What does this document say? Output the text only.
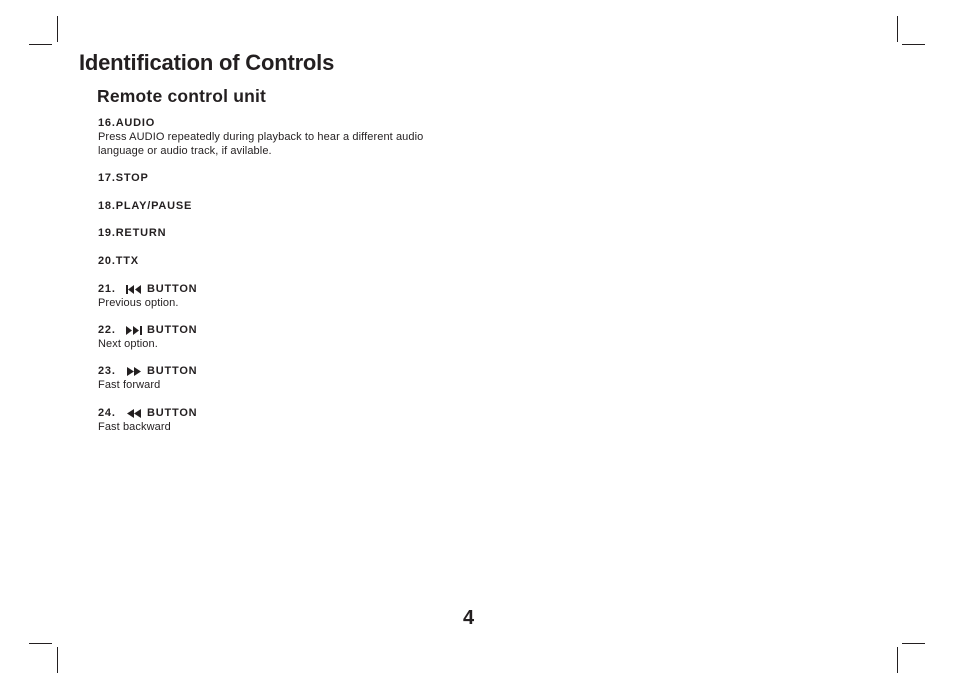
Identification of Controls
Remote control unit
16.AUDIO
Press AUDIO repeatedly during playback to hear a different audio language or audio track, if avilable.
17.STOP
18.PLAY/PAUSE
19.RETURN
20.TTX
21.	BUTTON
Previous option.
22.	BUTTON
Next option.
23.	BUTTON
Fast forward
24.	BUTTON
Fast backward
4
